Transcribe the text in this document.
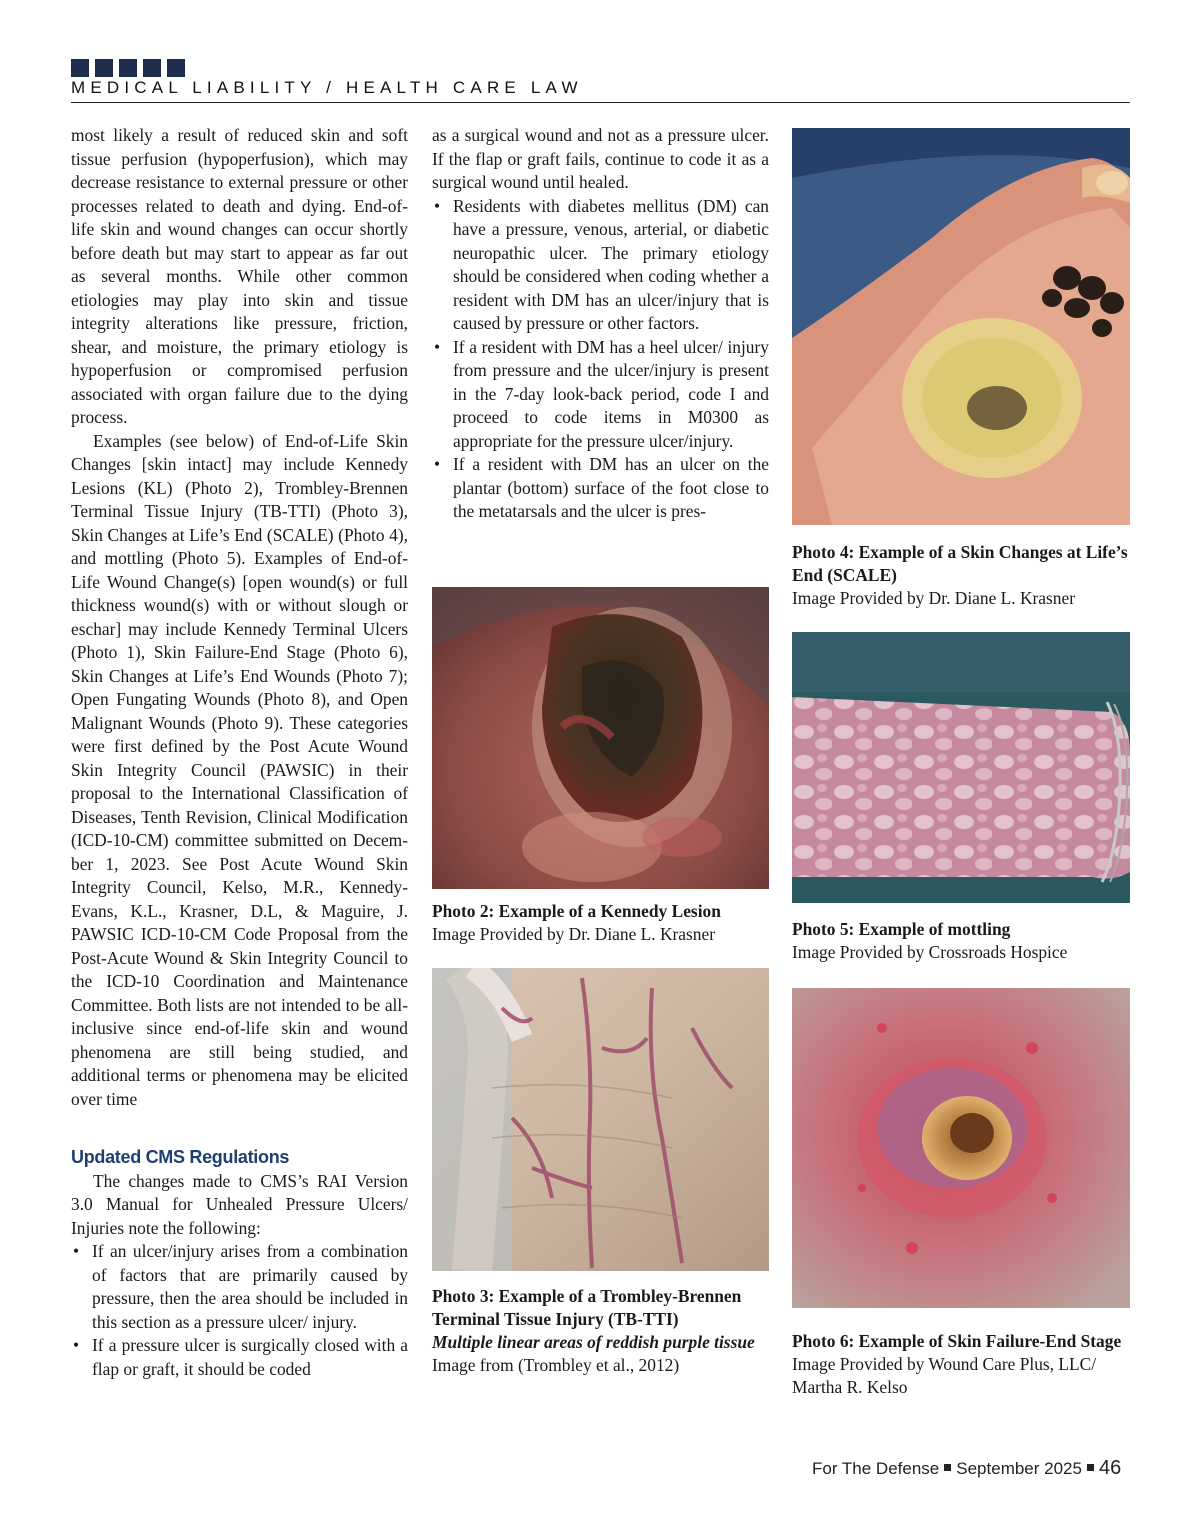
MEDICAL LIABILITY / HEALTH CARE LAW

most likely a result of reduced skin and soft tissue perfusion (hypoperfusion), which may decrease resistance to external pressure or other processes related to death and dying. End-of-life skin and wound changes can occur shortly before death but may start to appear as far out as several months. While other common etiologies may play into skin and tissue integrity alterations like pressure, friction, shear, and moisture, the primary etiology is hypoperfusion or compromised perfusion associated with organ failure due to the dying process.

Examples (see below) of End-of-Life Skin Changes [skin intact] may include Kennedy Lesions (KL) (Photo 2), Trombley-Brennen Terminal Tissue Injury (TB-TTI) (Photo 3), Skin Changes at Life’s End (SCALE) (Photo 4), and mottling (Photo 5). Examples of End-of-Life Wound Change(s) [open wound(s) or full thickness wound(s) with or without slough or eschar] may include Kennedy Terminal Ulcers (Photo 1), Skin Failure-End Stage (Photo 6), Skin Changes at Life’s End Wounds (Photo 7); Open Fungating Wounds (Photo 8), and Open Malignant Wounds (Photo 9). These categories were first defined by the Post Acute Wound Skin Integrity Council (PAWSIC) in their proposal to the International Classification of Diseases, Tenth Revision, Clinical Modification (ICD-10-CM) committee submitted on December 1, 2023. See Post Acute Wound Skin Integrity Council, Kelso, M.R., Kennedy-Evans, K.L., Krasner, D.L, & Maguire, J. PAWSIC ICD-10-CM Code Proposal from the Post-Acute Wound & Skin Integrity Council to the ICD-10 Coordination and Maintenance Committee. Both lists are not intended to be all-inclusive since end-of-life skin and wound phenomena are still being studied, and additional terms or phenomena may be elicited over time

Updated CMS Regulations

The changes made to CMS’s RAI Version 3.0 Manual for Unhealed Pressure Ulcers/ Injuries note the following:

• If an ulcer/injury arises from a combination of factors that are primarily caused by pressure, then the area should be included in this section as a pressure ulcer/ injury.
• If a pressure ulcer is surgically closed with a flap or graft, it should be coded

as a surgical wound and not as a pressure ulcer. If the flap or graft fails, continue to code it as a surgical wound until healed.

• Residents with diabetes mellitus (DM) can have a pressure, venous, arterial, or diabetic neuropathic ulcer. The primary etiology should be considered when coding whether a resident with DM has an ulcer/injury that is caused by pressure or other factors.
• If a resident with DM has a heel ulcer/ injury from pressure and the ulcer/injury is present in the 7-day look-back period, code I and proceed to code items in M0300 as appropriate for the pressure ulcer/injury.
• If a resident with DM has an ulcer on the plantar (bottom) surface of the foot close to the metatarsals and the ulcer is pres-
Photo 2: Example of a Kennedy Lesion
Image Provided by Dr. Diane L. Krasner
Photo 3: Example of a Trombley-Brennen Terminal Tissue Injury (TB-TTI)
Multiple linear areas of reddish purple tissue
Image from (Trombley et al., 2012)
Photo 4: Example of a Skin Changes at Life’s End (SCALE)
Image Provided by Dr. Diane L. Krasner
Photo 5: Example of mottling
Image Provided by Crossroads Hospice
Photo 6: Example of Skin Failure-End Stage
Image Provided by Wound Care Plus, LLC/ Martha R. Kelso
For The Defense September 2025 46
